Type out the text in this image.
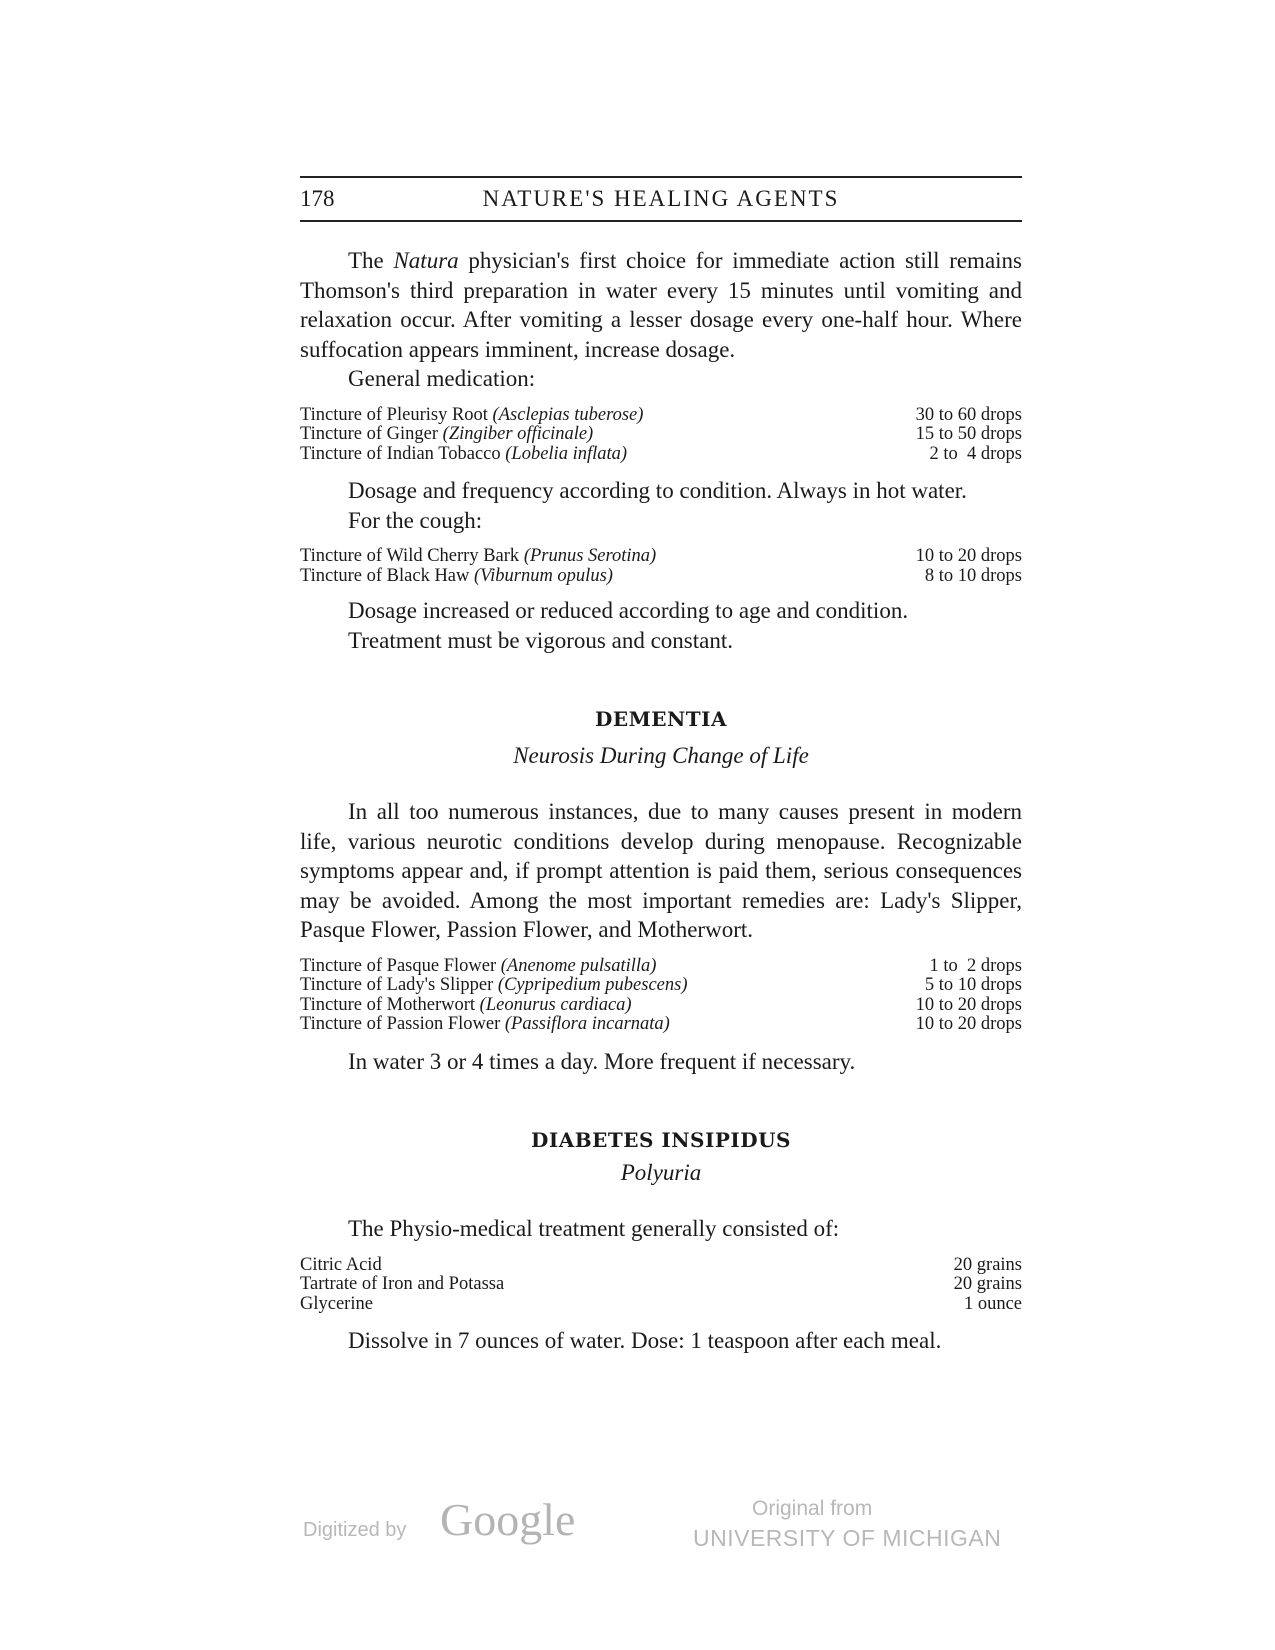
178	NATURE'S HEALING AGENTS

The Natura physician's first choice for immediate action still remains Thomson's third preparation in water every 15 minutes until vomiting and relaxation occur. After vomiting a lesser dosage every one-half hour. Where suffocation appears imminent, increase dosage.

General medication:

Tincture of Pleurisy Root (Asclepias tuberose)	30 to 60 drops
Tincture of Ginger (Zingiber officinale)	15 to 50 drops
Tincture of Indian Tobacco (Lobelia inflata)	2 to  4 drops

Dosage and frequency according to condition. Always in hot water.

For the cough:

Tincture of Wild Cherry Bark (Prunus Serotina)	10 to 20 drops
Tincture of Black Haw (Viburnum opulus)	8 to 10 drops

Dosage increased or reduced according to age and condition.

Treatment must be vigorous and constant.

DEMENTIA

Neurosis During Change of Life

In all too numerous instances, due to many causes present in modern life, various neurotic conditions develop during menopause. Recognizable symptoms appear and, if prompt attention is paid them, serious consequences may be avoided. Among the most important remedies are: Lady's Slipper, Pasque Flower, Passion Flower, and Motherwort.

Tincture of Pasque Flower (Anenome pulsatilla)	1 to  2 drops
Tincture of Lady's Slipper (Cypripedium pubescens)	5 to 10 drops
Tincture of Motherwort (Leonurus cardiaca)	10 to 20 drops
Tincture of Passion Flower (Passiflora incarnata)	10 to 20 drops

In water 3 or 4 times a day. More frequent if necessary.

DIABETES INSIPIDUS

Polyuria

The Physio-medical treatment generally consisted of:

Citric Acid	20 grains
Tartrate of Iron and Potassa	20 grains
Glycerine	1 ounce

Dissolve in 7 ounces of water. Dose: 1 teaspoon after each meal.

Digitized by Google	Original from
UNIVERSITY OF MICHIGAN
